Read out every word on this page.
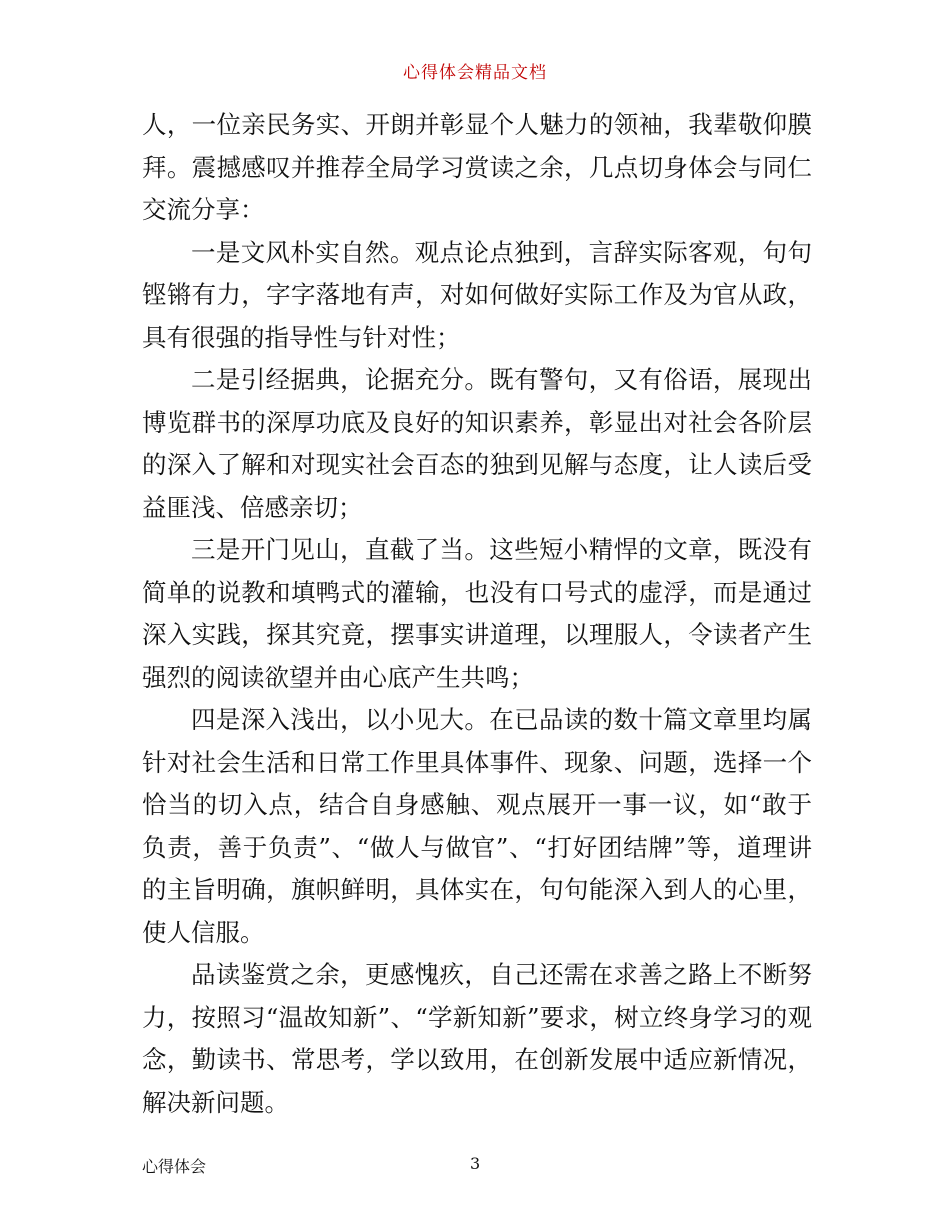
心得体会精品文档

人，一位亲民务实、开朗并彰显个人魅力的领袖，我辈敬仰膜拜。震撼感叹并推荐全局学习赏读之余，几点切身体会与同仁交流分享：

一是文风朴实自然。观点论点独到，言辞实际客观，句句铿锵有力，字字落地有声，对如何做好实际工作及为官从政，具有很强的指导性与针对性；

二是引经据典，论据充分。既有警句，又有俗语，展现出博览群书的深厚功底及良好的知识素养，彰显出对社会各阶层的深入了解和对现实社会百态的独到见解与态度，让人读后受益匪浅、倍感亲切；

三是开门见山，直截了当。这些短小精悍的文章，既没有简单的说教和填鸭式的灌输，也没有口号式的虚浮，而是通过深入实践，探其究竟，摆事实讲道理，以理服人，令读者产生强烈的阅读欲望并由心底产生共鸣；

四是深入浅出，以小见大。在已品读的数十篇文章里均属针对社会生活和日常工作里具体事件、现象、问题，选择一个恰当的切入点，结合自身感触、观点展开一事一议，如“敢于负责，善于负责”、“做人与做官”、“打好团结牌”等，道理讲的主旨明确，旗帜鲜明，具体实在，句句能深入到人的心里，使人信服。

品读鉴赏之余，更感愧疚，自己还需在求善之路上不断努力，按照习“温故知新”、“学新知新”要求，树立终身学习的观念，勤读书、常思考，学以致用，在创新发展中适应新情况，解决新问题。

心得体会	3
